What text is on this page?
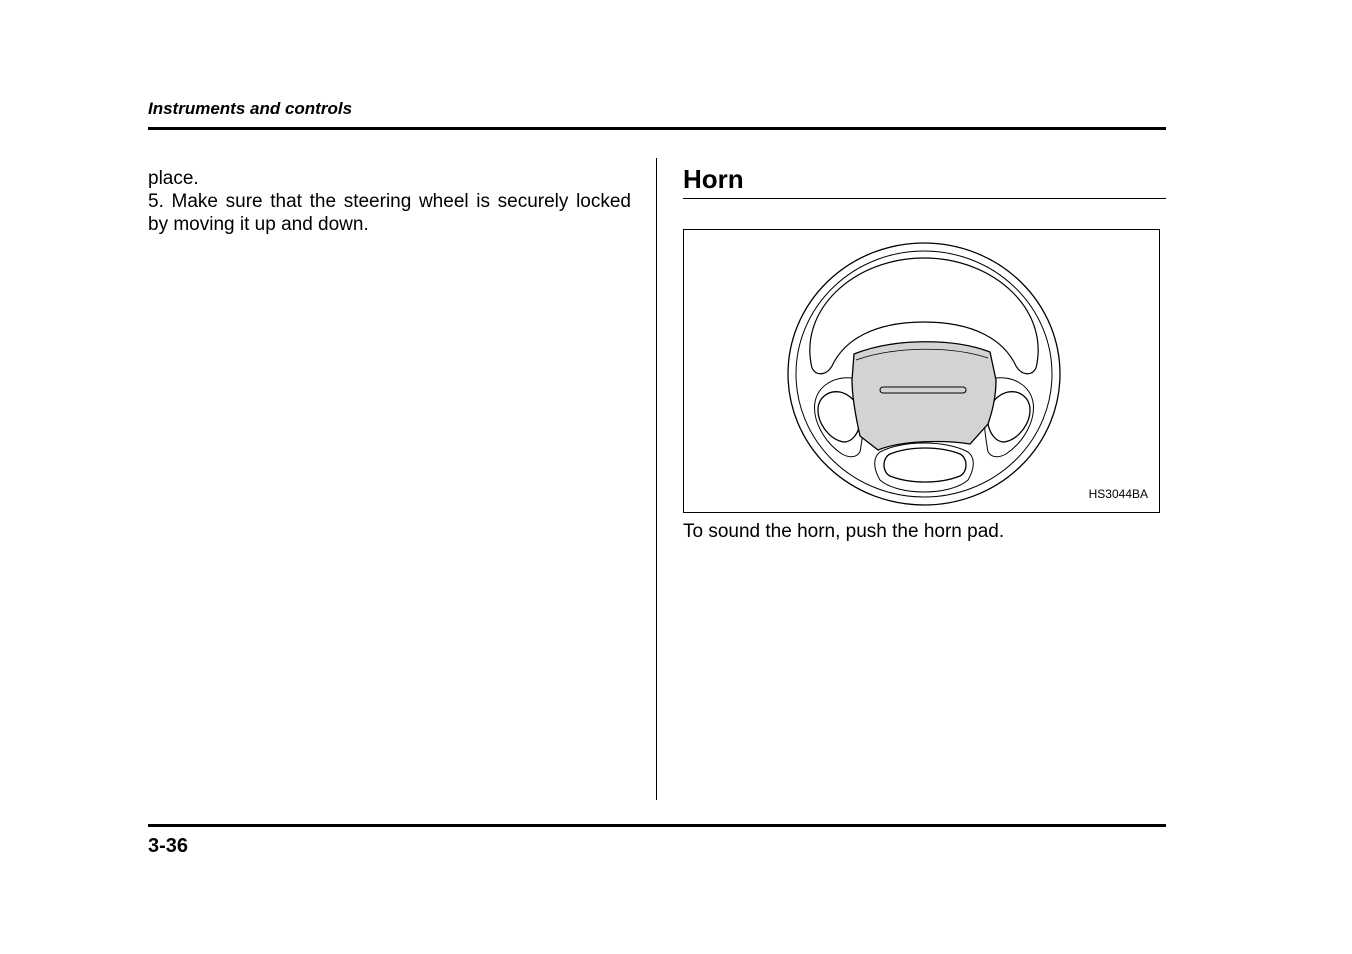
Instruments and controls

place.

5. Make sure that the steering wheel is securely locked by moving it up and down.

Horn
HS3044BA
To sound the horn, push the horn pad.
3-36
